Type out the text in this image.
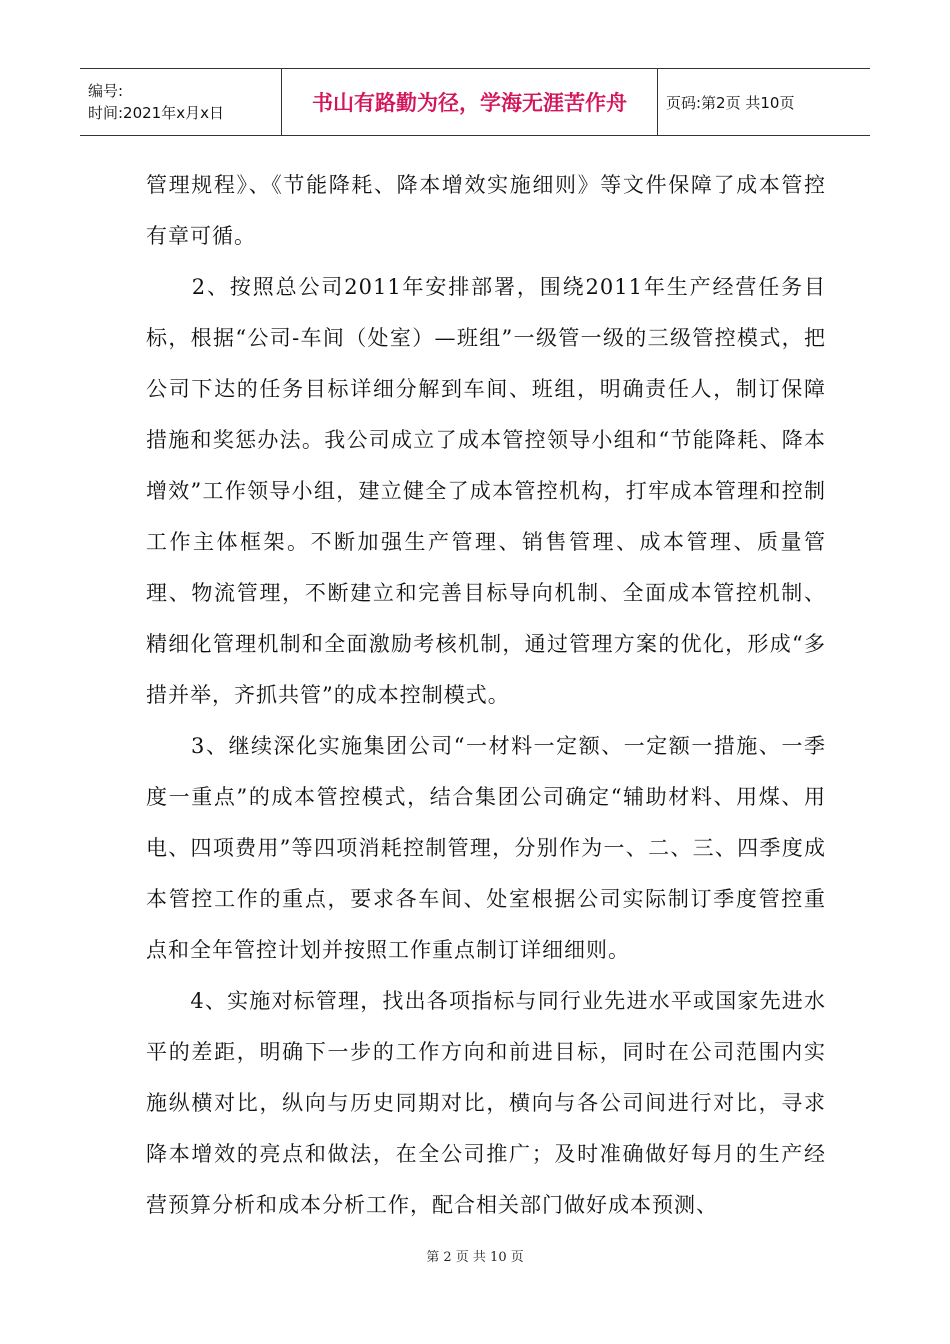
编号:
时间:2021年x月x日	书山有路勤为径，学海无涯苦作舟	页码:第2页 共10页

管理规程》、《节能降耗、降本增效实施细则》等文件保障了成本管控有章可循。

　　2、按照总公司2011年安排部署，围绕2011年生产经营任务目标，根据“公司-车间（处室）—班组”一级管一级的三级管控模式，把公司下达的任务目标详细分解到车间、班组，明确责任人，制订保障措施和奖惩办法。我公司成立了成本管控领导小组和“节能降耗、降本增效”工作领导小组，建立健全了成本管控机构，打牢成本管理和控制工作主体框架。不断加强生产管理、销售管理、成本管理、质量管理、物流管理，不断建立和完善目标导向机制、全面成本管控机制、精细化管理机制和全面激励考核机制，通过管理方案的优化，形成“多措并举，齐抓共管”的成本控制模式。

　　3、继续深化实施集团公司“一材料一定额、一定额一措施、一季度一重点”的成本管控模式，结合集团公司确定“辅助材料、用煤、用电、四项费用”等四项消耗控制管理，分别作为一、二、三、四季度成本管控工作的重点，要求各车间、处室根据公司实际制订季度管控重点和全年管控计划并按照工作重点制订详细细则。

　　4、实施对标管理，找出各项指标与同行业先进水平或国家先进水平的差距，明确下一步的工作方向和前进目标，同时在公司范围内实施纵横对比，纵向与历史同期对比，横向与各公司间进行对比，寻求降本增效的亮点和做法，在全公司推广；及时准确做好每月的生产经营预算分析和成本分析工作，配合相关部门做好成本预测、

第 2 页 共 10 页
